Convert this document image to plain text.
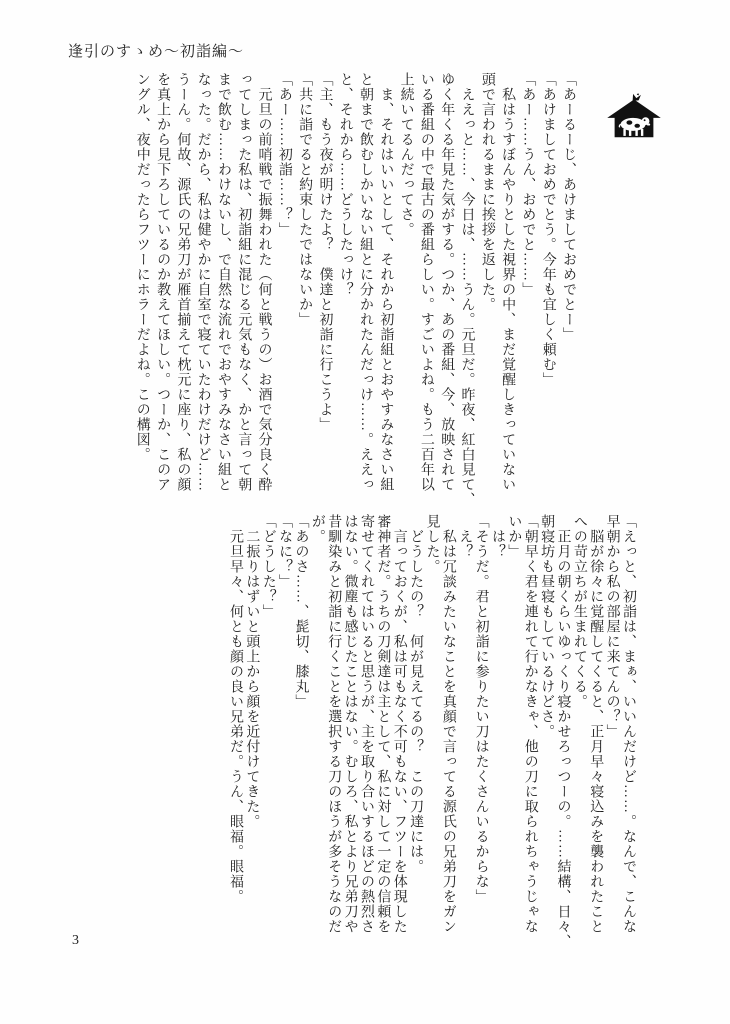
逢引のすゝめ〜初詣編〜
「あーるーじ、あけましておめでとー」
「あけましておめでとう。今年も宜しく頼む」
「あー……うん、おめでと……」
　私はうすぼんやりとした視界の中、まだ覚醒しきっていない
頭で言われるままに挨拶を返した。
　ええっと……、今日は、……うん。元旦だ。昨夜、紅白見て、
ゆく年くる年見た気がする。つか、あの番組、今、放映されて
いる番組の中で最古の番組らしい。すごいよね。もう二百年以
上続いてるんだってさ。
　ま、それはいいとして、それから初詣組とおやすみなさい組
と朝まで飲むしかいない組とに分かれたんだっけ……。ええっ
と、それから……どうしたっけ？
「主、もう夜が明けたよ？　僕達と初詣に行こうよ」
「共に詣でると約束したではないか」
「あー……初詣……？」
　元旦の前哨戦で振舞われた（何と戦うの）お酒で気分良く酔
ってしまった私は、初詣組に混じる元気もなく、かと言って朝
まで飲む……わけないし、で自然な流れでおやすみなさい組と
なった。だから、私は健やかに自室で寝ていたわけだけど……
うーん。何故、源氏の兄弟刀が雁首揃えて枕元に座り、私の顔
を真上から見下ろしているのか教えてほしい。つーか、このア
ングル、夜中だったらフツーにホラーだよね。この構図。
「えっと、初詣は、まぁ、いいんだけど……。なんで、こんな
早朝から私の部屋に来てんの？」
　脳が徐々に覚醒してくると、正月早々寝込みを襲われたこと
への苛立ちが生まれてくる。
　正月の朝くらいゆっくり寝かせろっつーの。……結構、日々、
朝寝坊も昼寝もしているけどさ。
「朝早く君を連れて行かなきゃ、他の刀に取られちゃうじゃな
いか」
　は？
「そうだ。君と初詣に参りたい刀はたくさんいるからな」
　え？
　私は冗談みたいなことを真顔で言ってる源氏の兄弟刀をガン
見した。
　どうしたの？　何が見えてるの？　この刀達には。
　言っておくが、私は可もなく不可もない、フツーを体現した
審神者だ。うちの刀剣達は主として、私に対して一定の信頼を
寄せてくれてはいると思うが、主を取り合いするほどの熱烈さ
はない。微塵も感じたことはない。むしろ、私とより兄弟刀や
昔馴染みと初詣に行くことを選択する刀のほうが多そうなのだ
が。
「あのさ……、髭切、膝丸」
「なに？」
「どうした？」
　二振りはずいと頭上から顔を近付けてきた。
　元旦早々、何とも顔の良い兄弟だ。うん、眼福。眼福。
3
